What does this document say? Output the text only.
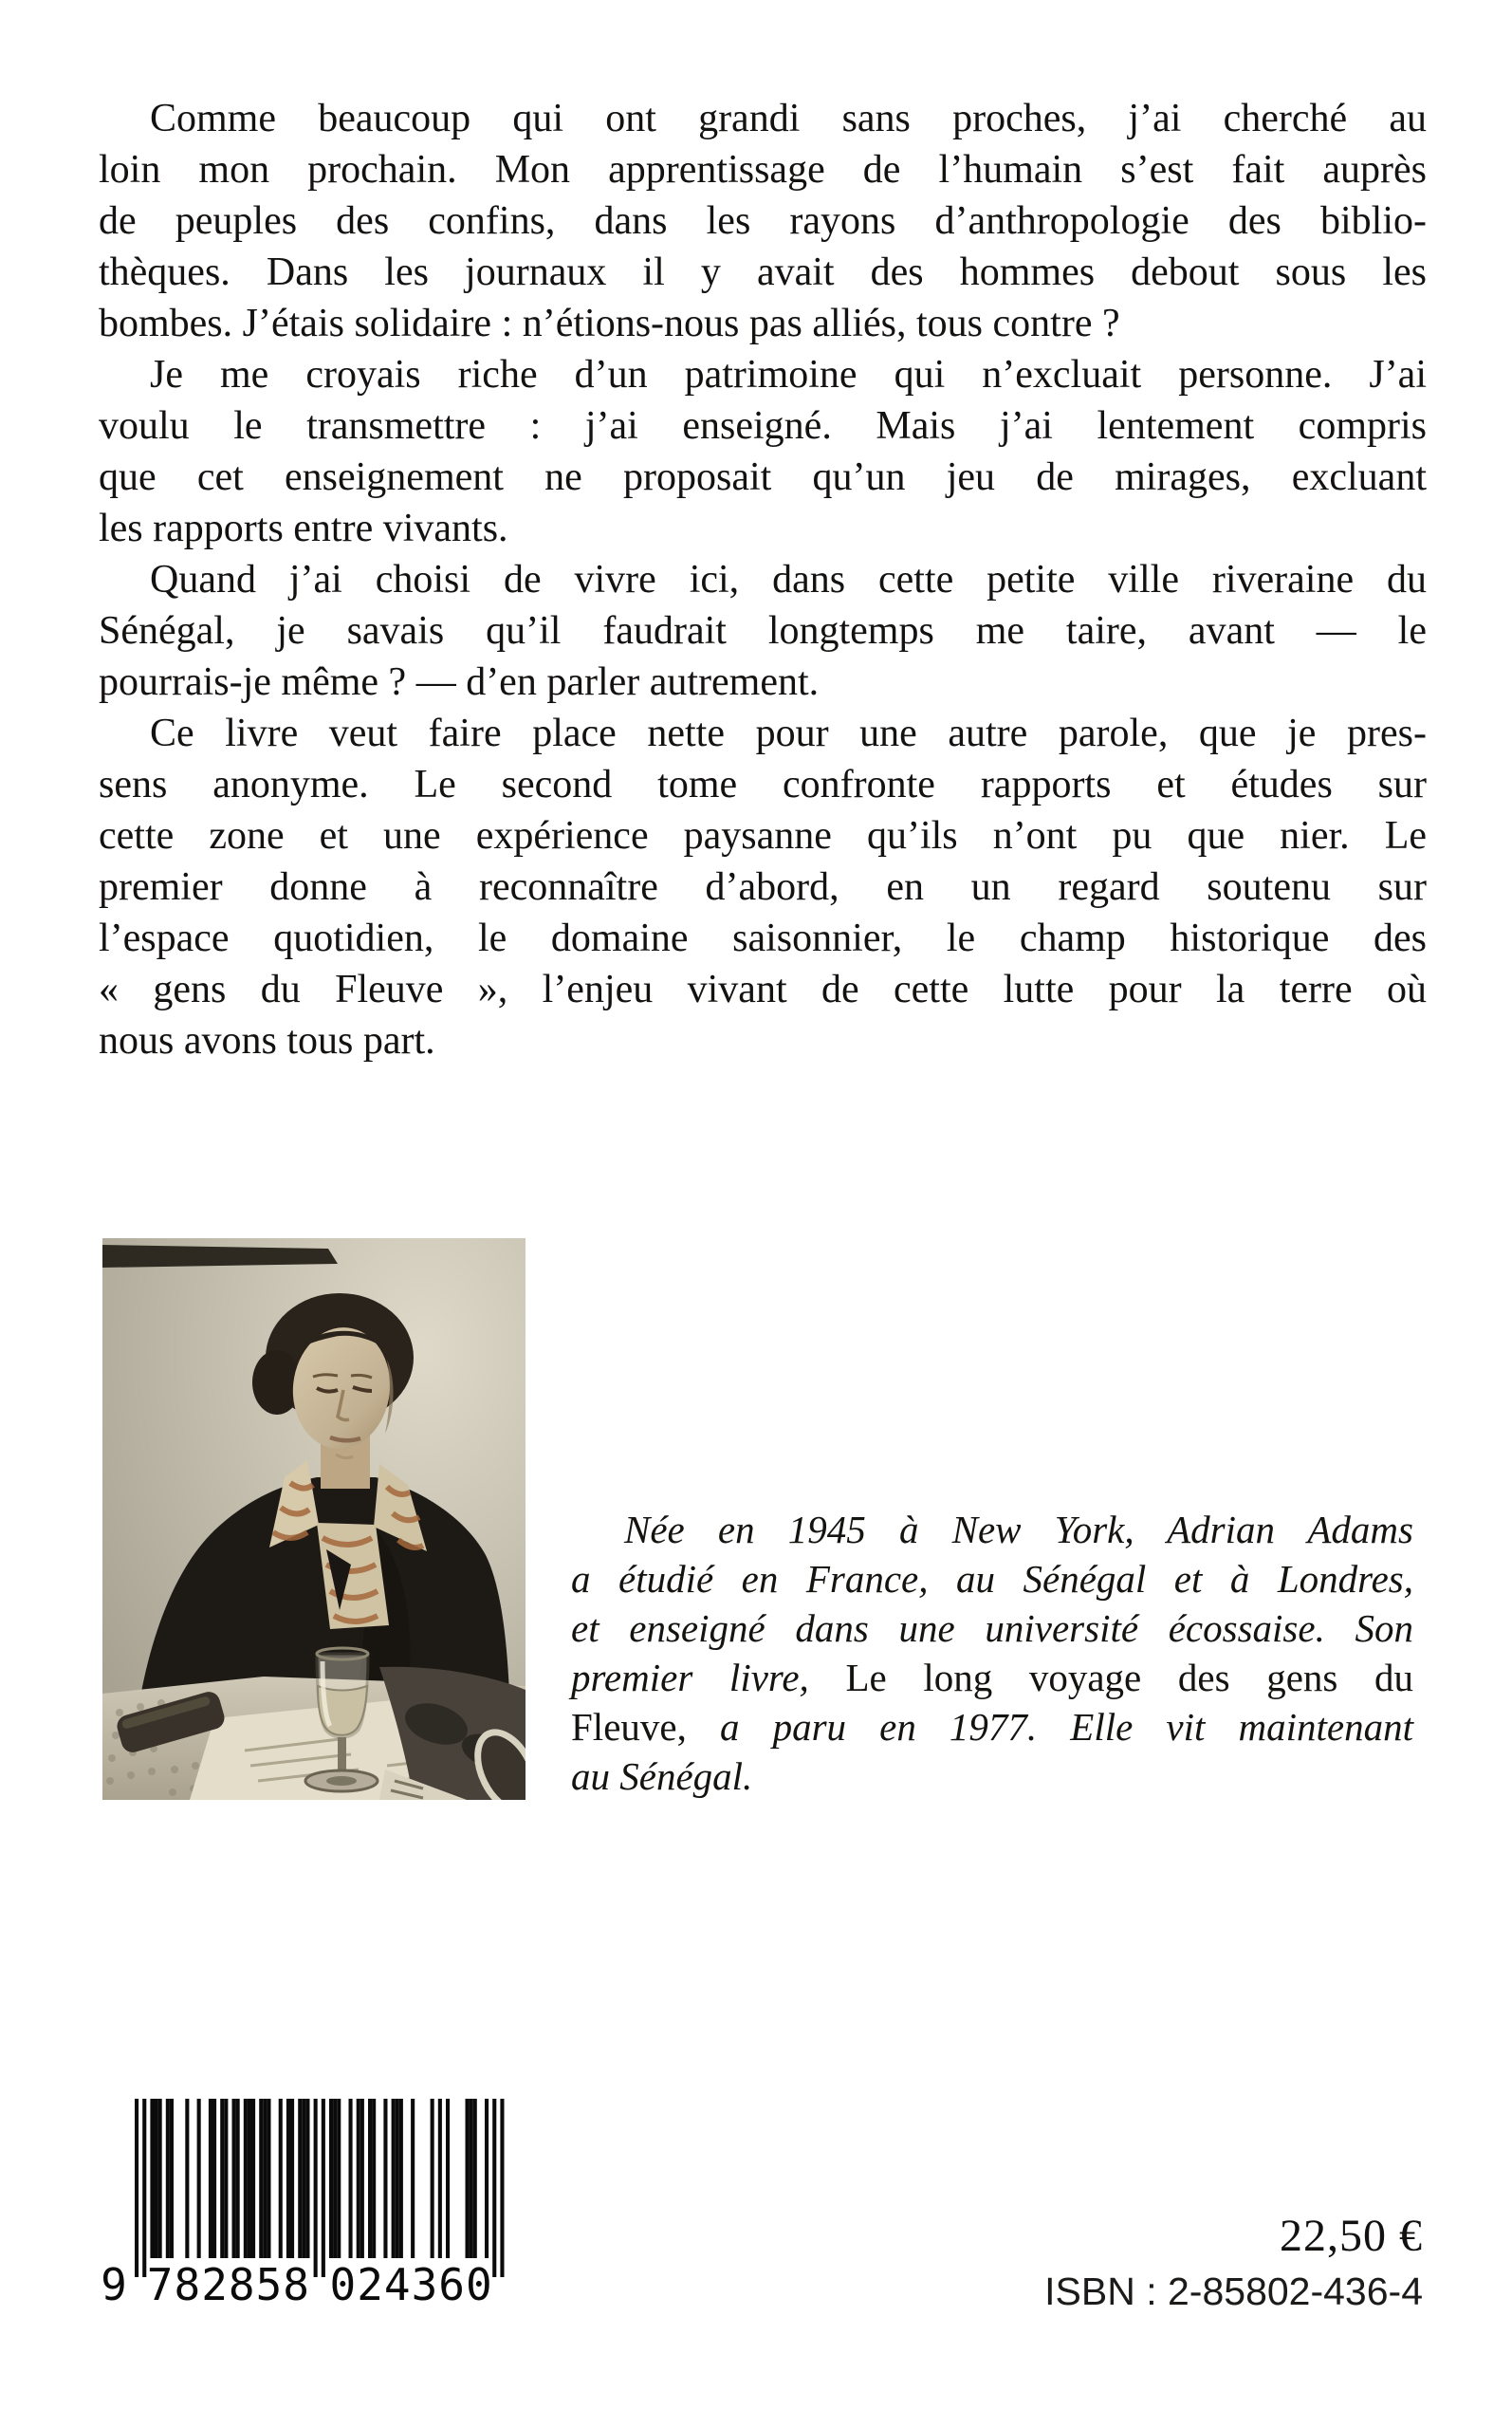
Comme beaucoup qui ont grandi sans proches, j’ai cherché au
loin mon prochain. Mon apprentissage de l’humain s’est fait auprès
de peuples des confins, dans les rayons d’anthropologie des biblio-
thèques. Dans les journaux il y avait des hommes debout sous les
bombes. J’étais solidaire : n’étions-nous pas alliés, tous contre ?
Je me croyais riche d’un patrimoine qui n’excluait personne. J’ai
voulu le transmettre : j’ai enseigné. Mais j’ai lentement compris
que cet enseignement ne proposait qu’un jeu de mirages, excluant
les rapports entre vivants.
Quand j’ai choisi de vivre ici, dans cette petite ville riveraine du
Sénégal, je savais qu’il faudrait longtemps me taire, avant — le
pourrais-je même ? — d’en parler autrement.
Ce livre veut faire place nette pour une autre parole, que je pres-
sens anonyme. Le second tome confronte rapports et études sur
cette zone et une expérience paysanne qu’ils n’ont pu que nier. Le
premier donne à reconnaître d’abord, en un regard soutenu sur
l’espace quotidien, le domaine saisonnier, le champ historique des
« gens du Fleuve », l’enjeu vivant de cette lutte pour la terre où
nous avons tous part.
Née en 1945 à New York, Adrian Adams
a étudié en France, au Sénégal et à Londres,
et enseigné dans une université écossaise. Son
premier livre, Le long voyage des gens du
Fleuve, a paru en 1977. Elle vit maintenant
au Sénégal.
9 7 8 2 8 5 8 0 2 4 3 6 0
22,50 €
ISBN : 2-85802-436-4
